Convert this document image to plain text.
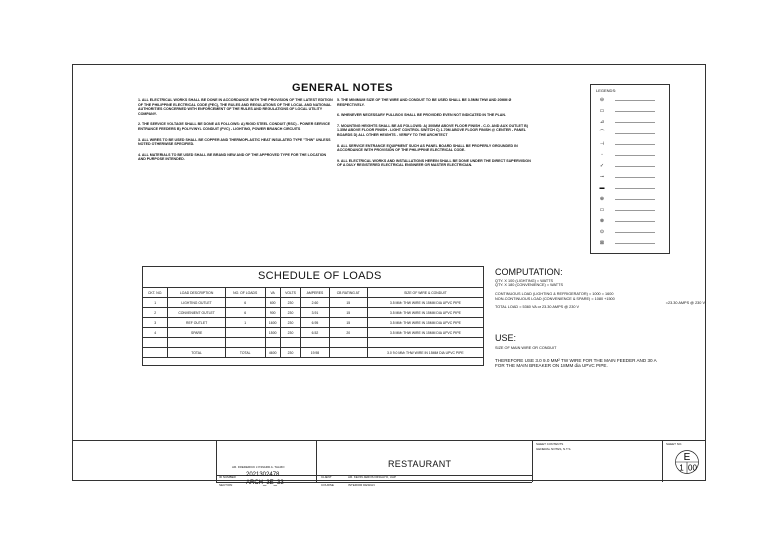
GENERAL NOTES
1. ALL ELECTRICAL WORKS SHALL BE DONE IN ACCORDANCE WITH THE PROVISION OF THE LATEST EDITION OF THE PHILIPPINE ELECTRICAL CODE (PEC), THE RULES AND REGULATIONS OF THE LOCAL AND NATIONAL AUTHORITIES CONCERNED WITH ENFORCEMENT OF THE RULES AND REGULATIONS OF LOCAL UTILITY COMPANY.
2. THE SERVICE VOLTAGE SHALL BE DONE AS FOLLOWS: A) RIGID STEEL CONDUIT (RSC) - POWER SERVICE ENTRANCE FEEDERS B) POLYVINYL CONDUIT (PVC) - LIGHTING, POWER BRANCH CIRCUITS
3. ALL WIRES TO BE USED SHALL BE COPPER AND THERMOPLASTIC HEAT INSULATED TYPE "THW" UNLESS NOTED OTHERWISE SPECIFIED.
4. ALL MATERIALS TO BE USED SHALL BE BRAND NEW AND OF THE APPROVED TYPE FOR THE LOCATION AND PURPOSE INTENDED.
5. THE MINIMUM SIZE OF THE WIRE AND CONDUIT TO BE USED SHALL BE 3.5MM THW AND 20MM Ø RESPECTIVELY.
6. WHENEVER NECESSARY PULLBOX SHALL BE PROVIDED EVEN NOT INDICATED IN THE PLAN.
7. MOUNTING HEIGHTS SHALL BE AS FOLLOWS: A) 300MM ABOVE FLOOR FINISH - C.O. AND AUX OUTLET B) 1.35M ABOVE FLOOR FINISH - LIGHT CONTROL SWITCH C) 1.70M ABOVE FLOOR FINISH @ CENTER - PANEL BOARDS D) ALL OTHER HEIGHTS - VERIFY TO THE ARCHITECT
8. ALL SERVICE ENTRANCE EQUIPMENT SUCH AS PANEL BOARD SHALL BE PROPERLY GROUNDED IN ACCORDANCE WITH PROVISION OF THE PHILIPPINE ELECTRICAL CODE.
9. ALL ELECTRICAL WORKS AND INSTALLATIONS HEREIN SHALL BE DONE UNDER THE DIRECT SUPERVISION OF A DULY REGISTERED ELECTRICAL ENGINEER OR MASTER ELECTRICIAN.
LEGENDS:
⊖
▭
⊿
⌒
⊣
◦
✓
⊸
▬
⊕
▭
⊗
⊙
⊠
SCHEDULE OF LOADS
CKT. NO.	LOAD DESCRIPTION	NO. OF LOADS	VA	VOLTS	AMPERES	CB RATING AT	SIZE OF WIRE & CONDUIT
1	LIGHTING OUTLET	6	600	230	2.60	15	3.5 MM² THW WIRE IN 15MM DIA UPVC PIPE
2	CONVENIENT OUTLET	6	900	230	3.91	15	3.5 MM² THW WIRE IN 15MM DIA UPVC PIPE
3	REF OUTLET	1	1600	230	6.95	15	3.5 MM² THW WIRE IN 15MM DIA UPVC PIPE
4	SPARE		1500	230	6.52	20	3.5 MM² THW WIRE IN 15MM DIA UPVC PIPE

	TOTAL	TOTAL	4600	230	19.98		3.0 9.0 MM² THW WIRE IN 15MM DIA UPVC PIPE
COMPUTATION:
QTY. X 100 (LIGHTING) = WATTS
QTY. X 180 (CONVENIENCE) = WATTS
CONTINUOUS LOAD (LIGHTING & REFRIGERATOR) = 1000 = 1600
NON-CONTINUOUS LOAD (CONVENIENCE & SPARE) = 1080 +1500
=23.30 AMPS @ 230 V
TOTAL LOAD = 5360 VA or 23.30 AMPS @ 230 V
USE:
SIZE OF MAIN WIRE OR CONDUIT
THEREFORE USE 3.0 9.0 MM² TW WIRE FOR THE MAIN FEEDER AND 30 A FOR THE MAIN BREAKER ON 18MM dia UPVC PIPE.
AR. FREDERICK LYNNARD A. TALMO	RESTAURANT
ID NUMBER 2021302478
SECTION ARCH_3E_33
CLIENT	AR. KEVIN JEROS DINGAYO, UAP
COURSE	INTERIOR DESIGN
SHEET CONTENTS
GENERAL NOTES, N.T.S.
SHEET NO.
E
1 00
